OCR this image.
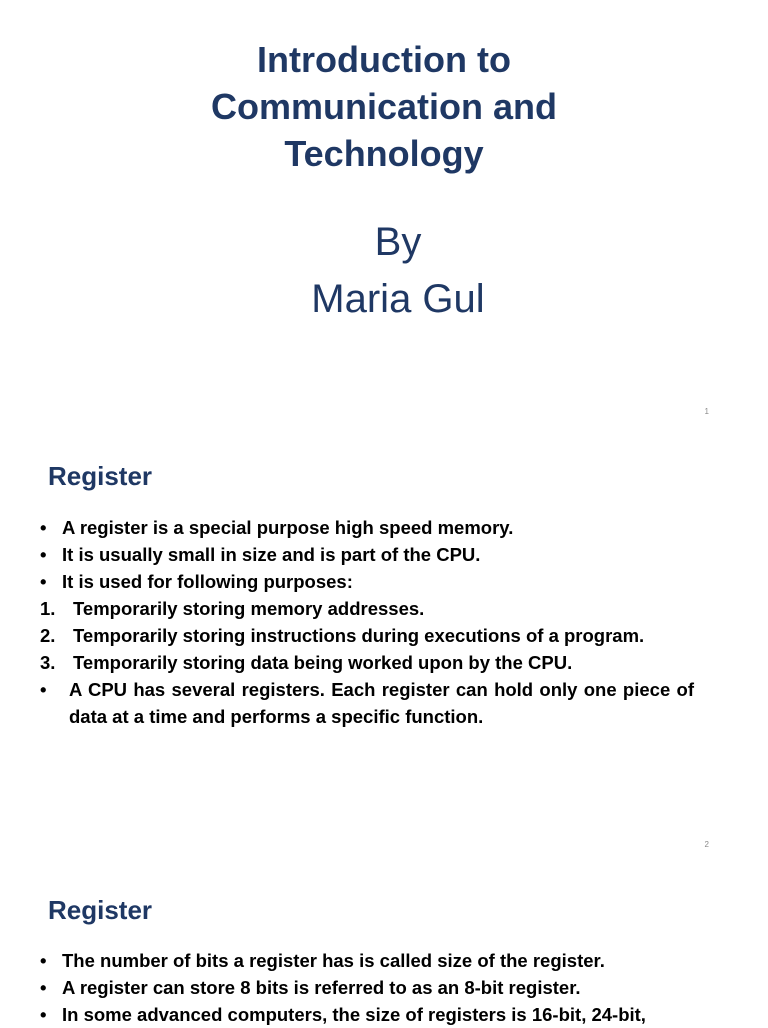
Introduction to
Communication and
Technology
By
Maria Gul
1
Register
• A register is a special purpose high speed memory.
• It is usually small in size and is part of the CPU.
• It is used for following purposes:
1. Temporarily storing memory addresses.
2. Temporarily storing instructions during executions of a program.
3. Temporarily storing data being worked upon by the CPU.
• A CPU has several registers. Each register can hold only one piece of data at a time and performs a specific function.
2
Register
• The number of bits a register has is called size of the register.
• A register can store 8 bits is referred to as an 8-bit register.
• In some advanced computers, the size of registers is 16-bit, 24-bit,
